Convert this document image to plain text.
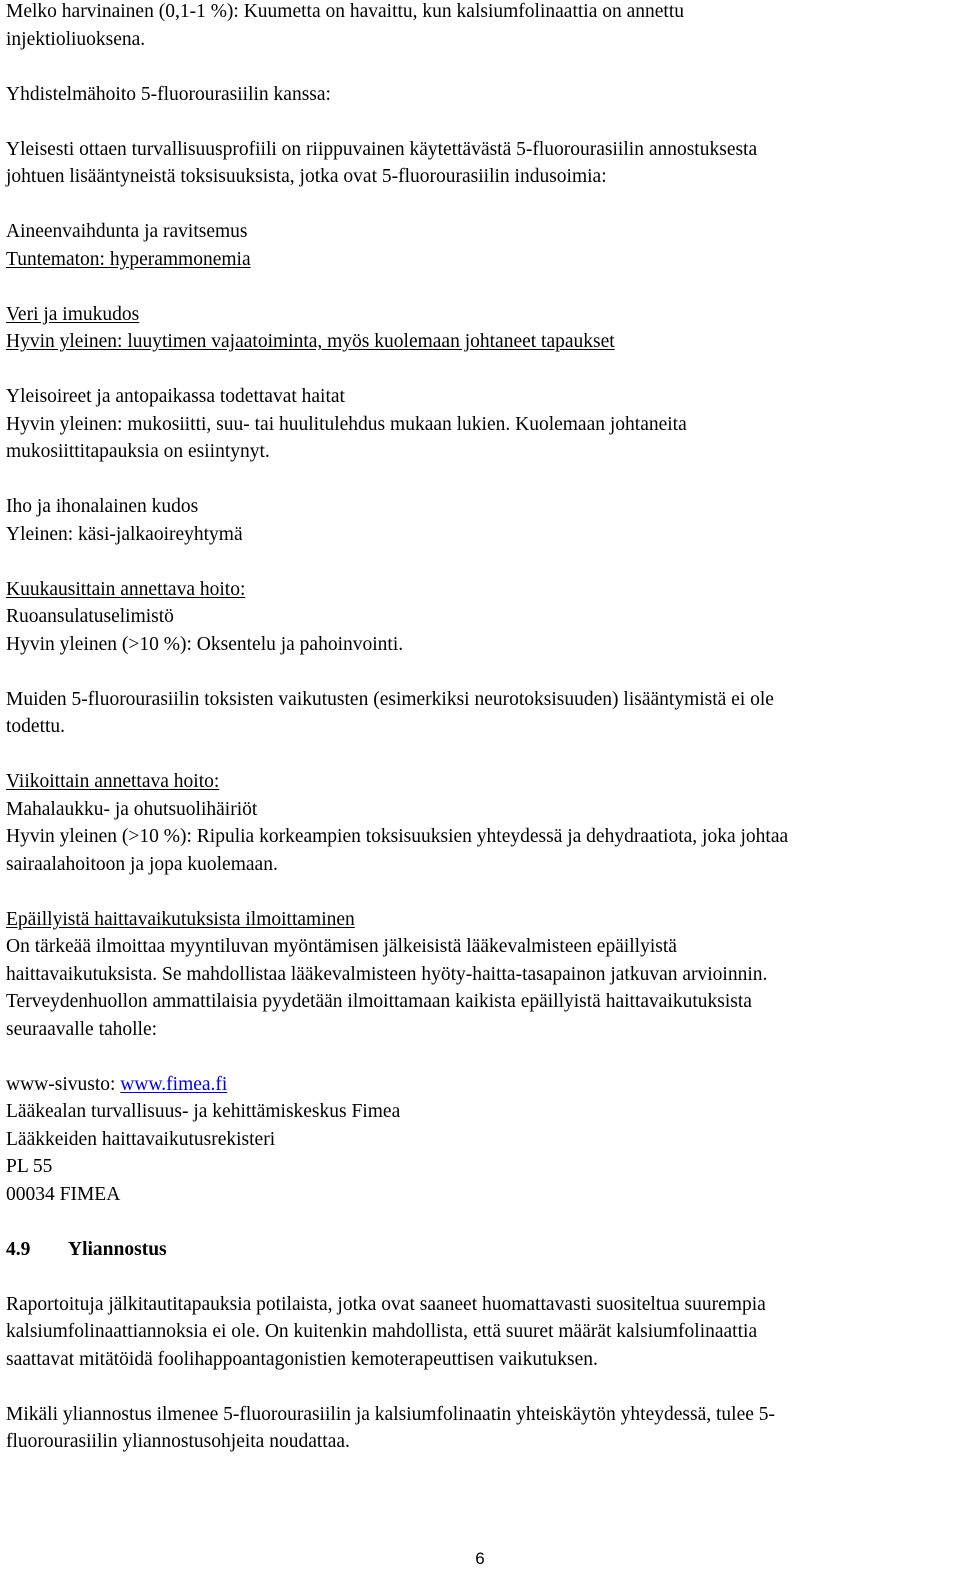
Melko harvinainen (0,1-1 %): Kuumetta on havaittu, kun kalsiumfolinaattia on annettu
injektioliuoksena.
Yhdistelmähoito 5-fluorourasiilin kanssa:
Yleisesti ottaen turvallisuusprofiili on riippuvainen käytettävästä 5-fluorourasiilin annostuksesta
johtuen lisääntyneistä toksisuuksista, jotka ovat 5-fluorourasiilin indusoimia:
Aineenvaihdunta ja ravitsemus
Tuntematon: hyperammonemia
Veri ja imukudos
Hyvin yleinen: luuytimen vajaatoiminta, myös kuolemaan johtaneet tapaukset
Yleisoireet ja antopaikassa todettavat haitat
Hyvin yleinen: mukosiitti, suu- tai huulitulehdus mukaan lukien. Kuolemaan johtaneita
mukosiittitapauksia on esiintynyt.
Iho ja ihonalainen kudos
Yleinen: käsi-jalkaoireyhtymä
Kuukausittain annettava hoito:
Ruoansulatuselimistö
Hyvin yleinen (>10 %): Oksentelu ja pahoinvointi.
Muiden 5-fluorourasiilin toksisten vaikutusten (esimerkiksi neurotoksisuuden) lisääntymistä ei ole
todettu.
Viikoittain annettava hoito:
Mahalaukku- ja ohutsuolihäiriöt
Hyvin yleinen (>10 %): Ripulia korkeampien toksisuuksien yhteydessä ja dehydraatiota, joka johtaa
sairaalahoitoon ja jopa kuolemaan.
Epäillyistä haittavaikutuksista ilmoittaminen
On tärkeää ilmoittaa myyntiluvan myöntämisen jälkeisistä lääkevalmisteen epäillyistä
haittavaikutuksista. Se mahdollistaa lääkevalmisteen hyöty-haitta-tasapainon jatkuvan arvioinnin.
Terveydenhuollon ammattilaisia pyydetään ilmoittamaan kaikista epäillyistä haittavaikutuksista
seuraavalle taholle:
www-sivusto: www.fimea.fi
Lääkealan turvallisuus- ja kehittämiskeskus Fimea
Lääkkeiden haittavaikutusrekisteri
PL 55
00034 FIMEA
4.9 Yliannostus
Raportoituja jälkitautitapauksia potilaista, jotka ovat saaneet huomattavasti suositeltua suurempia
kalsiumfolinaattiannoksia ei ole. On kuitenkin mahdollista, että suuret määrät kalsiumfolinaattia
saattavat mitätöidä foolihappoantagonistien kemoterapeuttisen vaikutuksen.
Mikäli yliannostus ilmenee 5-fluorourasiilin ja kalsiumfolinaatin yhteiskäytön yhteydessä, tulee 5-
fluorourasiilin yliannostusohjeita noudattaa.
6
